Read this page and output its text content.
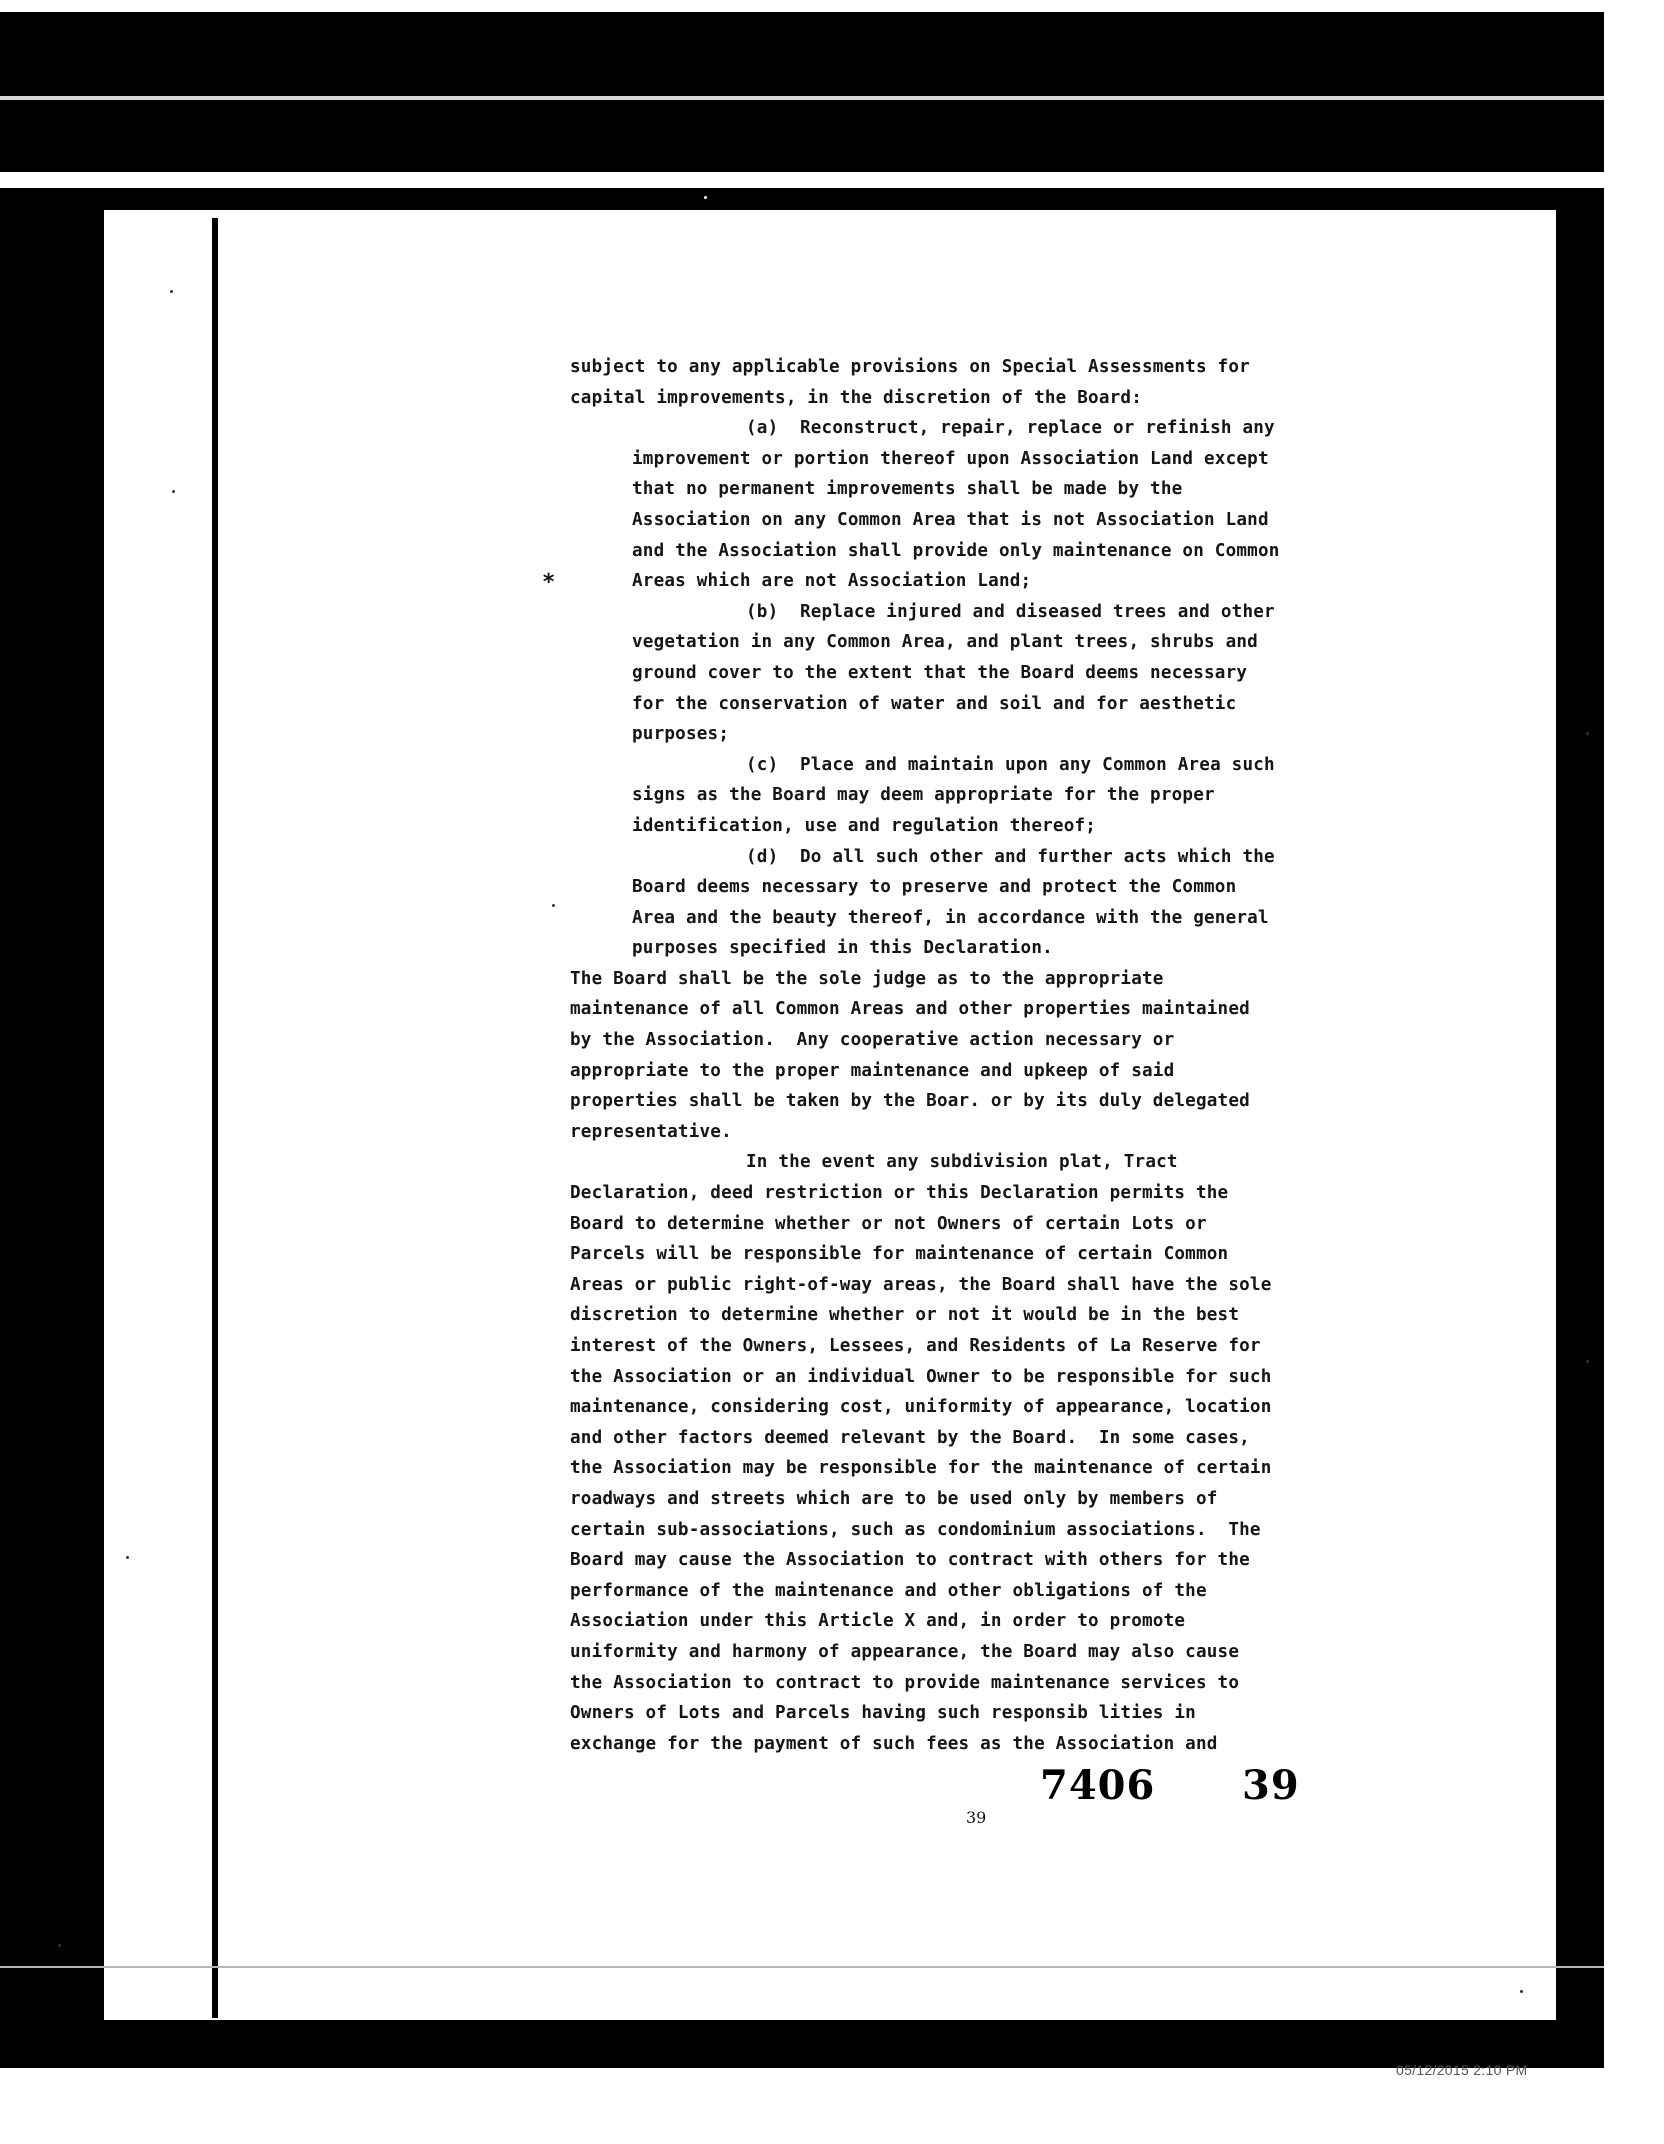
*
subject to any applicable provisions on Special Assessments for
capital improvements, in the discretion of the Board:
(a)  Reconstruct, repair, replace or refinish any
improvement or portion thereof upon Association Land except
that no permanent improvements shall be made by the
Association on any Common Area that is not Association Land
and the Association shall provide only maintenance on Common
Areas which are not Association Land;
(b)  Replace injured and diseased trees and other
vegetation in any Common Area, and plant trees, shrubs and
ground cover to the extent that the Board deems necessary
for the conservation of water and soil and for aesthetic
purposes;
(c)  Place and maintain upon any Common Area such
signs as the Board may deem appropriate for the proper
identification, use and regulation thereof;
(d)  Do all such other and further acts which the
Board deems necessary to preserve and protect the Common
Area and the beauty thereof, in accordance with the general
purposes specified in this Declaration.
The Board shall be the sole judge as to the appropriate
maintenance of all Common Areas and other properties maintained
by the Association.  Any cooperative action necessary or
appropriate to the proper maintenance and upkeep of said
properties shall be taken by the Boar. or by its duly delegated
representative.
In the event any subdivision plat, Tract
Declaration, deed restriction or this Declaration permits the
Board to determine whether or not Owners of certain Lots or
Parcels will be responsible for maintenance of certain Common
Areas or public right-of-way areas, the Board shall have the sole
discretion to determine whether or not it would be in the best
interest of the Owners, Lessees, and Residents of La Reserve for
the Association or an individual Owner to be responsible for such
maintenance, considering cost, uniformity of appearance, location
and other factors deemed relevant by the Board.  In some cases,
the Association may be responsible for the maintenance of certain
roadways and streets which are to be used only by members of
certain sub-associations, such as condominium associations.  The
Board may cause the Association to contract with others for the
performance of the maintenance and other obligations of the
Association under this Article X and, in order to promote
uniformity and harmony of appearance, the Board may also cause
the Association to contract to provide maintenance services to
Owners of Lots and Parcels having such responsib lities in
exchange for the payment of such fees as the Association and
7406 39
39
05/12/2015 2:10 PM
